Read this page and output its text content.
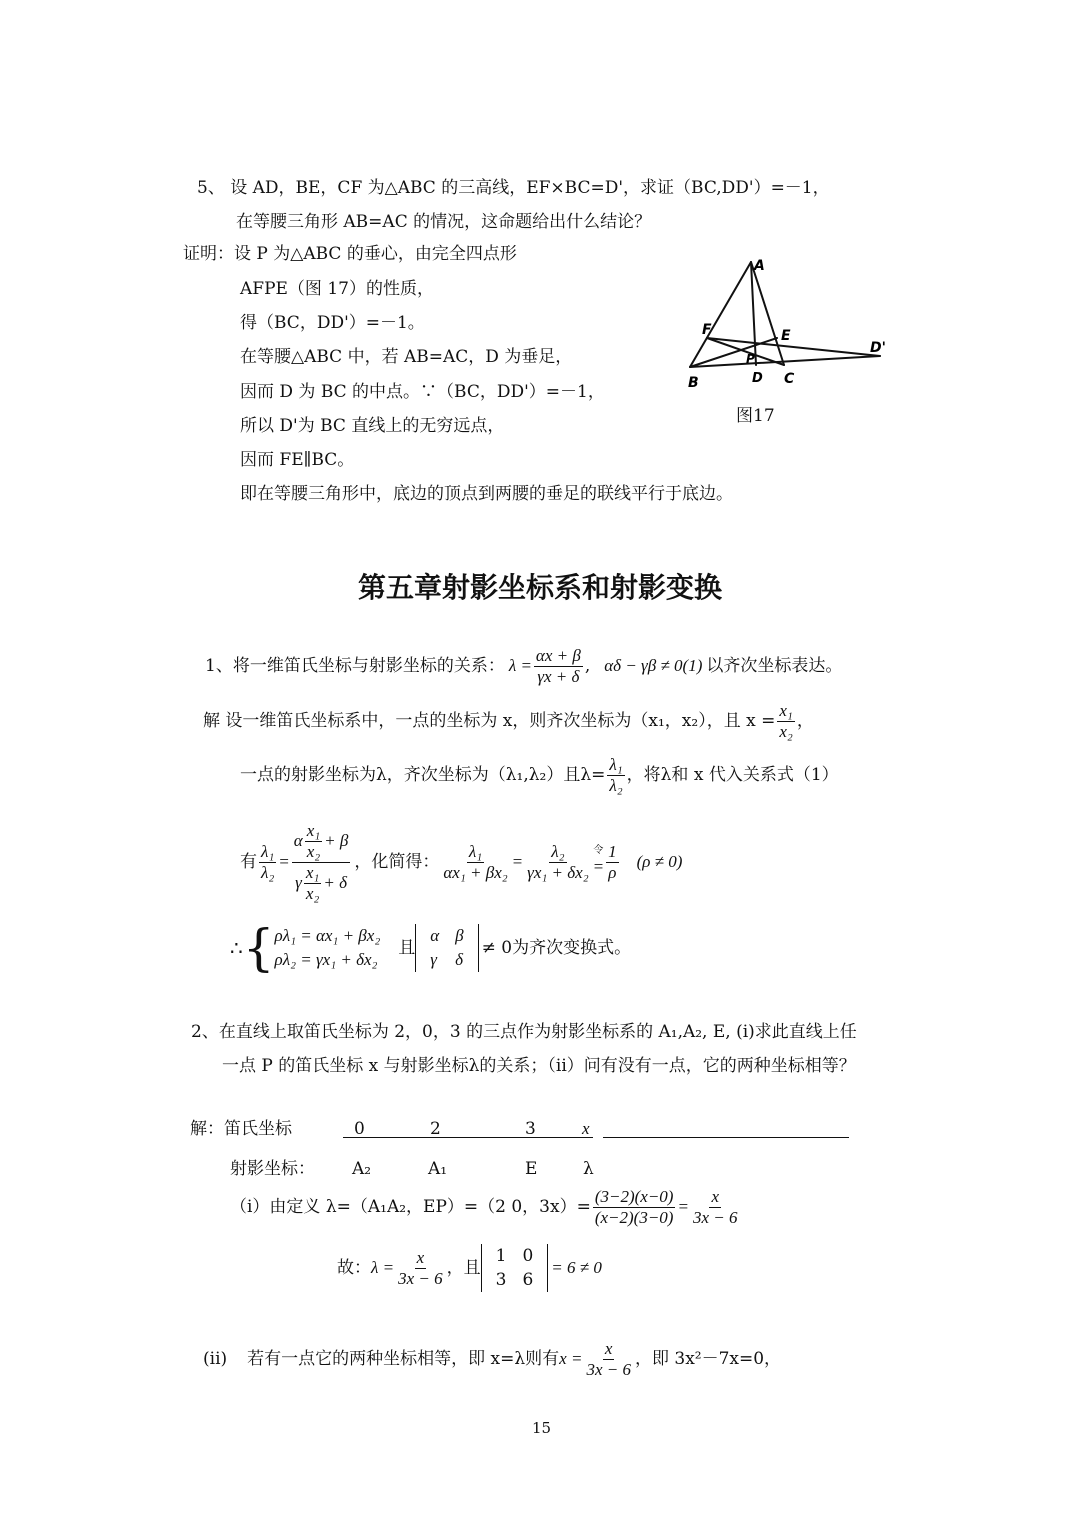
5、 设 AD，BE，CF 为△ABC 的三高线，EF×BC=D'，求证（BC,DD'）=－1，
在等腰三角形 AB=AC 的情况，这命题给出什么结论？
证明：设 P 为△ABC 的垂心，由完全四点形
AFPE（图 17）的性质，
得（BC，DD'）=－1。
在等腰△ABC 中，若 AB=AC，D 为垂足，
因而 D 为 BC 的中点。∵（BC，DD'）=－1，
所以 D'为 BC 直线上的无穷远点，
因而 FE∥BC。
即在等腰三角形中，底边的顶点到两腰的垂足的联线平行于底边。
A
B	C
D
E
F
P
D'
图17
第五章射影坐标系和射影变换
1、将一维笛氏坐标与射影坐标的关系： $\lambda = \frac{\alpha x + \beta}{\gamma x + \delta}$ , αδ − γβ ≠ 0(1) 以齐次坐标表达。
解 设一维笛氏坐标系中，一点的坐标为 x，则齐次坐标为（x₁，x₂），且 $x = \frac{\text{x₁}}{\text{x₂}}$ ，
一点的射影坐标为λ，齐次坐标为（λ₁,λ₂）且$\lambda= \frac{\text{λ₁}}{\text{λ₂}}$ ，将λ和 x 代入关系式（1）
有 $\frac{\text{λ₁}}{\text{λ₂}} = \frac{\alpha \frac{\text{x₁}}{\text{x₂}} + \beta}{\gamma \frac{\text{x₁}}{\text{x₂}} + \delta}$ ，化简得： $\frac{\text{λ₁}}{\text{αx₁ + βx₂}} = \frac{\text{λ₂}}{\text{γx₁ + δx₂}}$ 令
= $\frac{1}{\rho} (\rho \ne 0)$
∴ { ρλ₁ = αx₁ + βx₂
ρλ₂ = γx₁ + δx₂
且
α	β
γ	δ
≠ 0为齐次变换式。
2、在直线上取笛氏坐标为 2，0，3 的三点作为射影坐标系的 A₁,A₂, E, (i)求此直线上任
一点 P 的笛氏坐标 x 与射影坐标λ的关系；（ii）问有没有一点，它的两种坐标相等？
解：笛氏坐标	0	2	3	x
射影坐标： A₂	A₁	E	λ
（i）由定义 λ=（A₁A₂，EP）=（2 0，$3x)= \frac{(3-2)(x-0)}{(x-2)(3-0)} = \frac{x}{3x - 6}$
故： $\lambda = \frac{x}{3x - 6}$ ，且
1	0
3	6
= 6 ≠ 0
(ii) 若有一点它的两种坐标相等，即 x=λ则有 $x = \frac{x}{3x - 6}$ ，即 3x²－7x=0，
15
